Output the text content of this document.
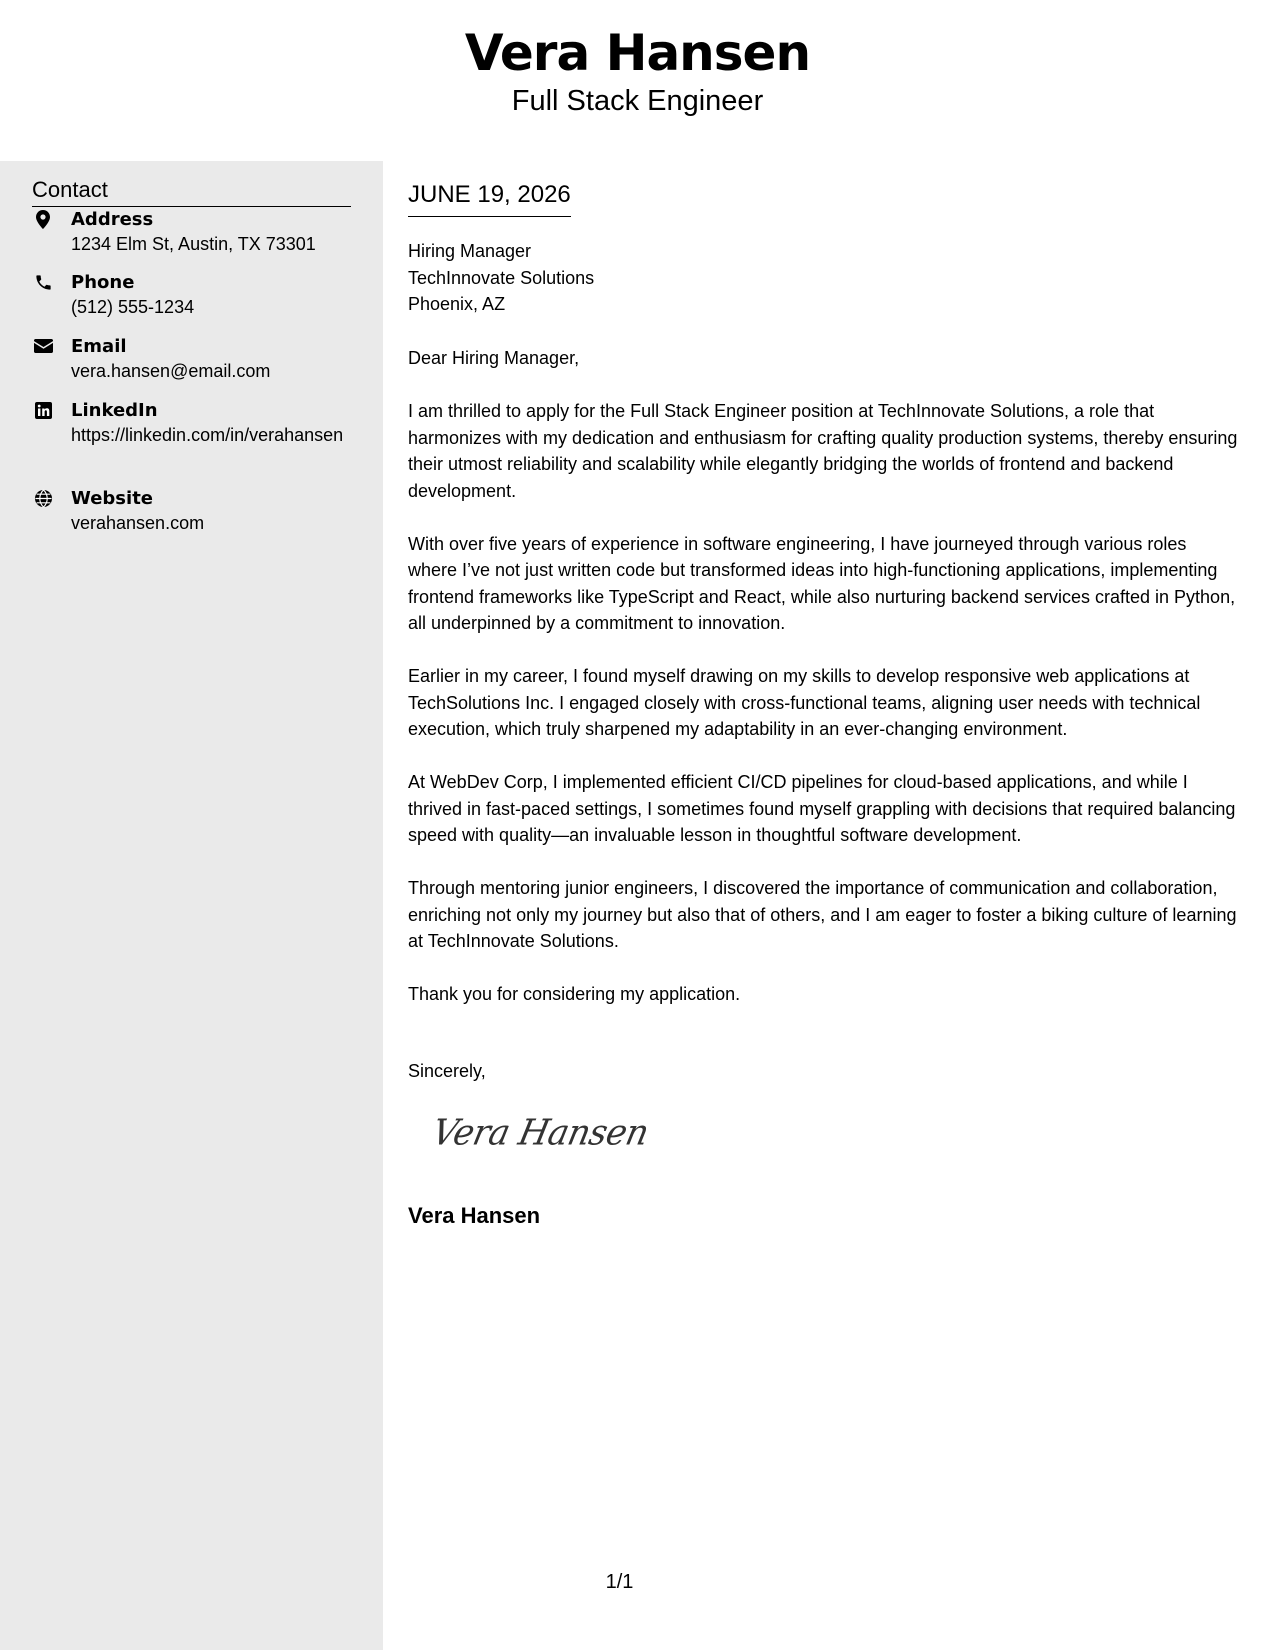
Vera Hansen
Full Stack Engineer
Contact
Address
1234 Elm St, Austin, TX 73301
Phone
(512) 555-1234
Email
vera.hansen@email.com
LinkedIn
https://linkedin.com/in/verahansen
Website
verahansen.com
JUNE 19, 2026
Hiring Manager
TechInnovate Solutions
Phoenix, AZ
Dear Hiring Manager,

I am thrilled to apply for the Full Stack Engineer position at TechInnovate Solutions, a role that harmonizes with my dedication and enthusiasm for crafting quality production systems, thereby ensuring their utmost reliability and scalability while elegantly bridging the worlds of frontend and backend development.

With over five years of experience in software engineering, I have journeyed through various roles where I’ve not just written code but transformed ideas into high-functioning applications, implementing frontend frameworks like TypeScript and React, while also nurturing backend services crafted in Python, all underpinned by a commitment to innovation.

Earlier in my career, I found myself drawing on my skills to develop responsive web applications at TechSolutions Inc. I engaged closely with cross-functional teams, aligning user needs with technical execution, which truly sharpened my adaptability in an ever-changing environment.

At WebDev Corp, I implemented efficient CI/CD pipelines for cloud-based applications, and while I thrived in fast-paced settings, I sometimes found myself grappling with decisions that required balancing speed with quality—an invaluable lesson in thoughtful software development.

Through mentoring junior engineers, I discovered the importance of communication and collaboration, enriching not only my journey but also that of others, and I am eager to foster a biking culture of learning at TechInnovate Solutions.

Thank you for considering my application.

Sincerely,
Vera Hansen
Vera Hansen
1/1
